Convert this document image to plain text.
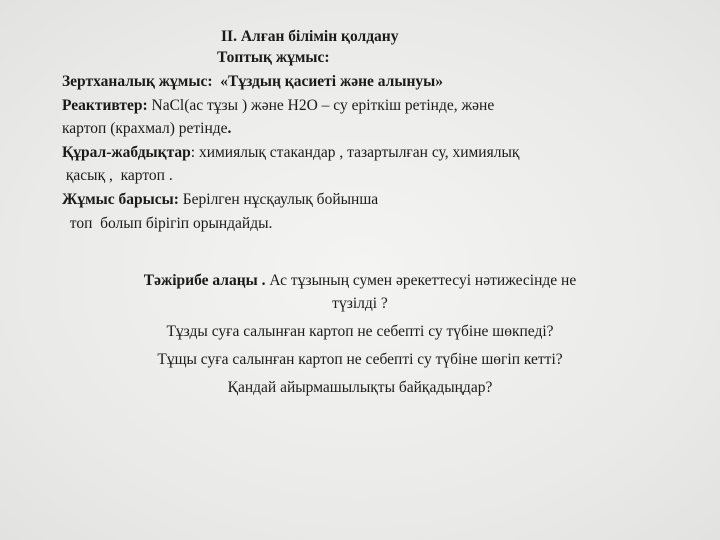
II. Алған білімін қолдану
Топтық жұмыс:
Зертханалық жұмыс: «Тұздың қасиеті және алынуы»
Реактивтер: NaCl(ас тұзы ) және H2O – су еріткіш ретінде, және
картоп (крахмал) ретінде.
Құрал-жабдықтар: химиялық стакандар , тазартылған су, химиялық
қасық ,  картоп .
Жұмыс барысы: Берілген нұсқаулық бойынша
топ  болып бірігіп орындайды.
Тәжірибе алаңы . Ас тұзының сумен әрекеттесуі нәтижесінде не
түзілді ?
Тұзды суға салынған картоп не себепті су түбіне шөкпеді?
Тұщы суға салынған картоп не себепті су түбіне шөгіп кетті?
Қандай айырмашылықты байқадыңдар?
